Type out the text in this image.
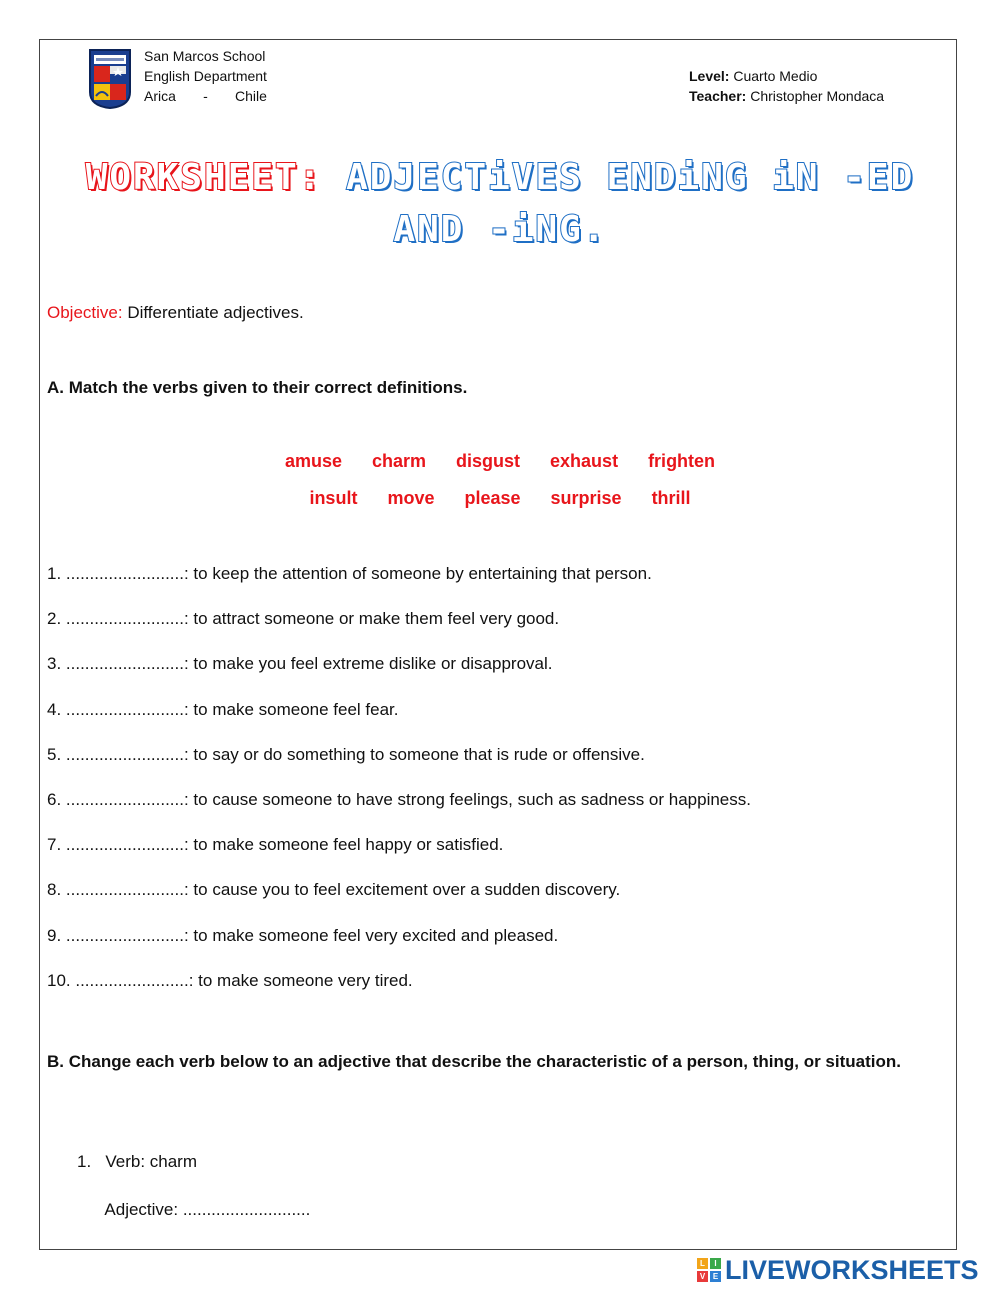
San Marcos School
English Department
Arica       -       Chile
Level: Cuarto Medio
Teacher: Christopher Mondaca
WORKSHEET: ADJECTiVES ENDiNG iN -ED
AND -iNG.
Objective: Differentiate adjectives.
A. Match the verbs given to their correct definitions.
amuse charm disgust exhaust frighten
insult move please surprise thrill
1. .........................: to keep the attention of someone by entertaining that person.
2. .........................: to attract someone or make them feel very good.
3. .........................: to make you feel extreme dislike or disapproval.
4. .........................: to make someone feel fear.
5. .........................: to say or do something to someone that is rude or offensive.
6. .........................: to cause someone to have strong feelings, such as sadness or happiness.
7. .........................: to make someone feel happy or satisfied.
8. .........................: to cause you to feel excitement over a sudden discovery.
9. .........................: to make someone feel very excited and pleased.
10. ........................: to make someone very tired.
B. Change each verb below to an adjective that describe the characteristic of a person, thing, or situation.
1.   Verb: charm
Adjective: ...........................
L	I
V E LIVEWORKSHEETS
